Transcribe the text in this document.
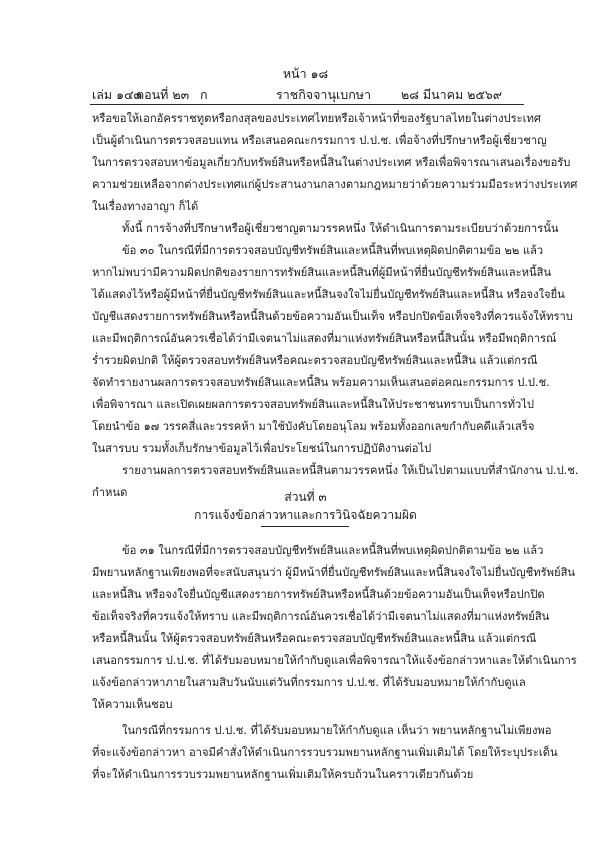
หน้า ๑๘
เล่ม ๑๔๓
ตอนที่ ๒๓ ก	ราชกิจจานุเบกษา ๒๘ มีนาคม ๒๕๖๙
หรือขอให้เอกอัครราชทูตหรือกงสุลของประเทศไทยหรือเจ้าหน้าที่ของรัฐบาลไทยในต่างประเทศ
เป็นผู้ดำเนินการตรวจสอบแทน หรือเสนอคณะกรรมการ ป.ป.ช. เพื่อจ้างที่ปรึกษาหรือผู้เชี่ยวชาญ
ในการตรวจสอบหาข้อมูลเกี่ยวกับทรัพย์สินหรือหนี้สินในต่างประเทศ หรือเพื่อพิจารณาเสนอเรื่องขอรับ
ความช่วยเหลือจากต่างประเทศแก่ผู้ประสานงานกลางตามกฎหมายว่าด้วยความร่วมมือระหว่างประเทศ
ในเรื่องทางอาญา ก็ได้
ทั้งนี้ การจ้างที่ปรึกษาหรือผู้เชี่ยวชาญตามวรรคหนึ่ง ให้ดำเนินการตามระเบียบว่าด้วยการนั้น
ข้อ ๓๐ ในกรณีที่มีการตรวจสอบบัญชีทรัพย์สินและหนี้สินที่พบเหตุผิดปกติตามข้อ ๒๒ แล้ว
หากไม่พบว่ามีความผิดปกติของรายการทรัพย์สินและหนี้สินที่ผู้มีหน้าที่ยื่นบัญชีทรัพย์สินและหนี้สิน
ได้แสดงไว้หรือผู้มีหน้าที่ยื่นบัญชีทรัพย์สินและหนี้สินจงใจไม่ยื่นบัญชีทรัพย์สินและหนี้สิน หรือจงใจยื่น
บัญชีแสดงรายการทรัพย์สินหรือหนี้สินด้วยข้อความอันเป็นเท็จ หรือปกปิดข้อเท็จจริงที่ควรแจ้งให้ทราบ
และมีพฤติการณ์อันควรเชื่อได้ว่ามีเจตนาไม่แสดงที่มาแห่งทรัพย์สินหรือหนี้สินนั้น หรือมีพฤติการณ์
ร่ำรวยผิดปกติ ให้ผู้ตรวจสอบทรัพย์สินหรือคณะตรวจสอบบัญชีทรัพย์สินและหนี้สิน แล้วแต่กรณี
จัดทำรายงานผลการตรวจสอบทรัพย์สินและหนี้สิน พร้อมความเห็นเสนอต่อคณะกรรมการ ป.ป.ช.
เพื่อพิจารณา และเปิดเผยผลการตรวจสอบทรัพย์สินและหนี้สินให้ประชาชนทราบเป็นการทั่วไป
โดยนำข้อ ๑๗ วรรคสี่และวรรคห้า มาใช้บังคับโดยอนุโลม พร้อมทั้งออกเลขกำกับคดีแล้วเสร็จ
ในสารบบ รวมทั้งเก็บรักษาข้อมูลไว้เพื่อประโยชน์ในการปฏิบัติงานต่อไป
รายงานผลการตรวจสอบทรัพย์สินและหนี้สินตามวรรคหนึ่ง ให้เป็นไปตามแบบที่สำนักงาน ป.ป.ช.
กำหนด	ส่วนที่ ๓
การแจ้งข้อกล่าวหาและการวินิจฉัยความผิด
ข้อ ๓๑ ในกรณีที่มีการตรวจสอบบัญชีทรัพย์สินและหนี้สินที่พบเหตุผิดปกติตามข้อ ๒๒ แล้ว
มีพยานหลักฐานเพียงพอที่จะสนับสนุนว่า ผู้มีหน้าที่ยื่นบัญชีทรัพย์สินและหนี้สินจงใจไม่ยื่นบัญชีทรัพย์สิน
และหนี้สิน หรือจงใจยื่นบัญชีแสดงรายการทรัพย์สินหรือหนี้สินด้วยข้อความอันเป็นเท็จหรือปกปิด
ข้อเท็จจริงที่ควรแจ้งให้ทราบ และมีพฤติการณ์อันควรเชื่อได้ว่ามีเจตนาไม่แสดงที่มาแห่งทรัพย์สิน
หรือหนี้สินนั้น ให้ผู้ตรวจสอบทรัพย์สินหรือคณะตรวจสอบบัญชีทรัพย์สินและหนี้สิน แล้วแต่กรณี
เสนอกรรมการ ป.ป.ช. ที่ได้รับมอบหมายให้กำกับดูแลเพื่อพิจารณาให้แจ้งข้อกล่าวหาและให้ดำเนินการ
แจ้งข้อกล่าวหาภายในสามสิบวันนับแต่วันที่กรรมการ ป.ป.ช. ที่ได้รับมอบหมายให้กำกับดูแล
ให้ความเห็นชอบ
ในกรณีที่กรรมการ ป.ป.ช. ที่ได้รับมอบหมายให้กำกับดูแล เห็นว่า พยานหลักฐานไม่เพียงพอ
ที่จะแจ้งข้อกล่าวหา อาจมีคำสั่งให้ดำเนินการรวบรวมพยานหลักฐานเพิ่มเติมได้ โดยให้ระบุประเด็น
ที่จะให้ดำเนินการรวบรวมพยานหลักฐานเพิ่มเติมให้ครบถ้วนในคราวเดียวกันด้วย
